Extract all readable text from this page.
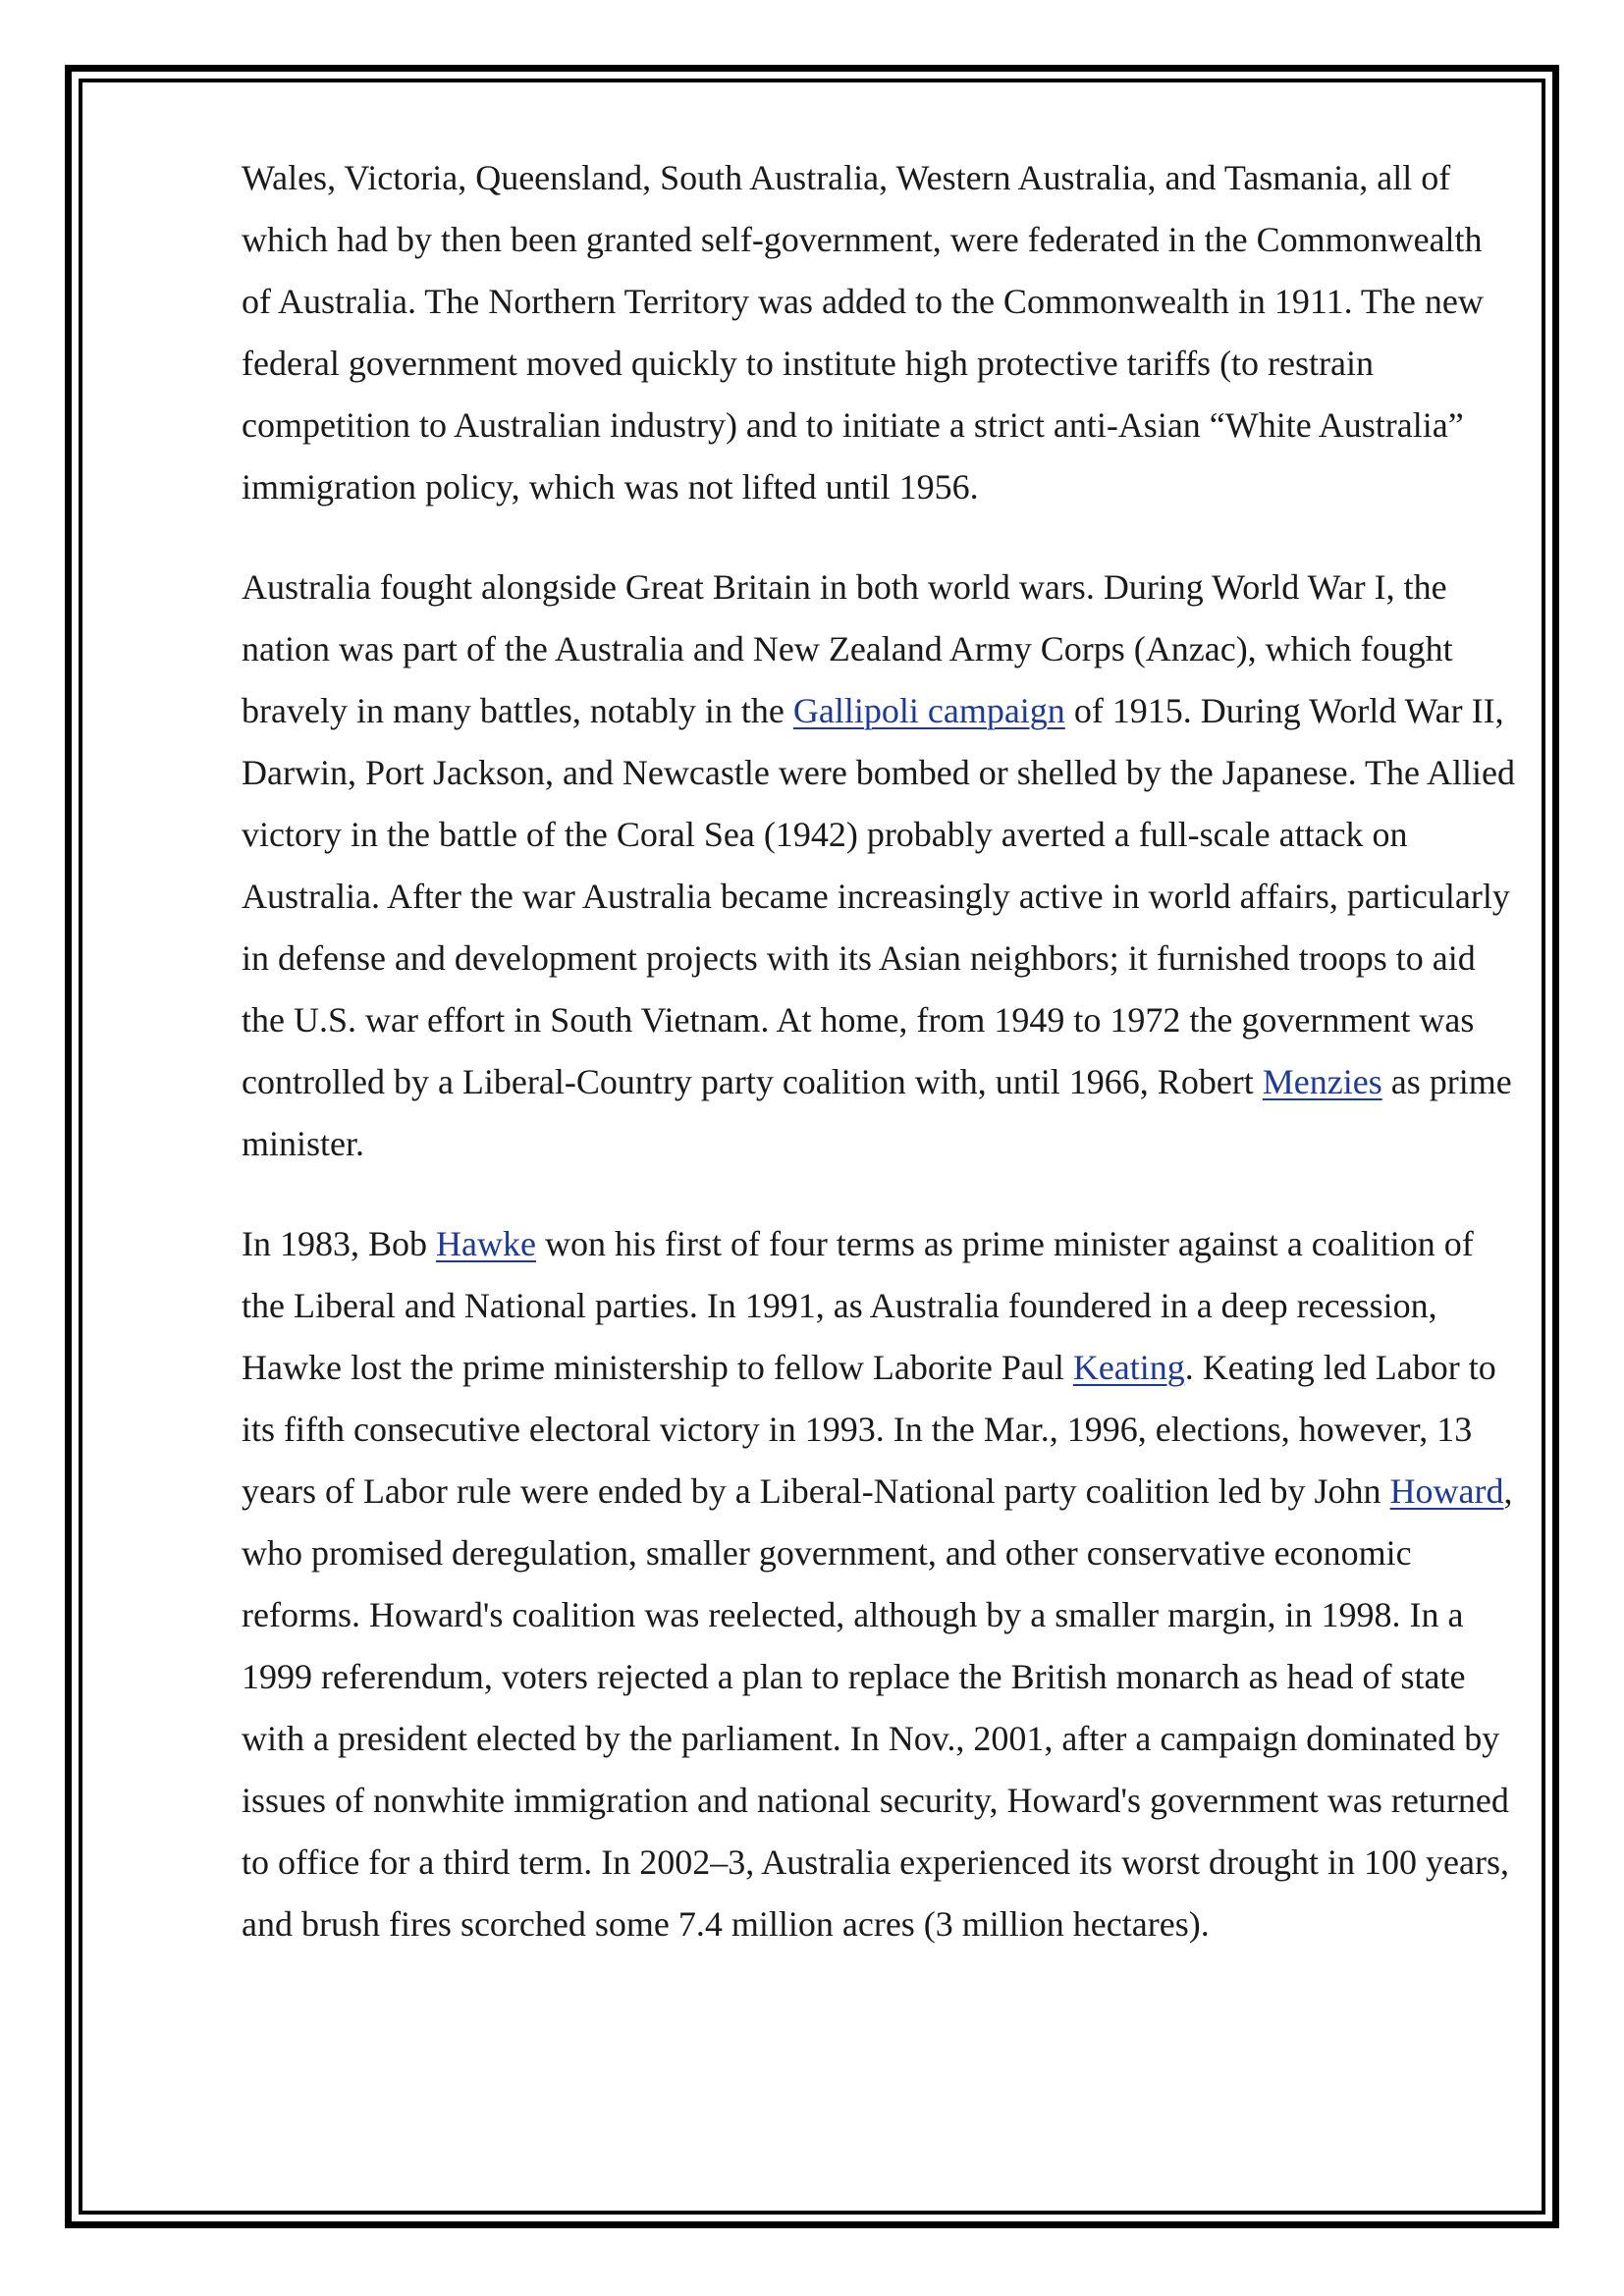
Wales, Victoria, Queensland, South Australia, Western Australia, and Tasmania, all of which had by then been granted self-government, were federated in the Commonwealth of Australia. The Northern Territory was added to the Commonwealth in 1911. The new federal government moved quickly to institute high protective tariffs (to restrain competition to Australian industry) and to initiate a strict anti-Asian “White Australia” immigration policy, which was not lifted until 1956.

Australia fought alongside Great Britain in both world wars. During World War I, the nation was part of the Australia and New Zealand Army Corps (Anzac), which fought bravely in many battles, notably in the Gallipoli campaign of 1915. During World War II, Darwin, Port Jackson, and Newcastle were bombed or shelled by the Japanese. The Allied victory in the battle of the Coral Sea (1942) probably averted a full-scale attack on Australia. After the war Australia became increasingly active in world affairs, particularly in defense and development projects with its Asian neighbors; it furnished troops to aid the U.S. war effort in South Vietnam. At home, from 1949 to 1972 the government was controlled by a Liberal-Country party coalition with, until 1966, Robert Menzies as prime minister.

In 1983, Bob Hawke won his first of four terms as prime minister against a coalition of the Liberal and National parties. In 1991, as Australia foundered in a deep recession, Hawke lost the prime ministership to fellow Laborite Paul Keating. Keating led Labor to its fifth consecutive electoral victory in 1993. In the Mar., 1996, elections, however, 13 years of Labor rule were ended by a Liberal-National party coalition led by John Howard, who promised deregulation, smaller government, and other conservative economic reforms. Howard's coalition was reelected, although by a smaller margin, in 1998. In a 1999 referendum, voters rejected a plan to replace the British monarch as head of state with a president elected by the parliament. In Nov., 2001, after a campaign dominated by issues of nonwhite immigration and national security, Howard's government was returned to office for a third term. In 2002–3, Australia experienced its worst drought in 100 years, and brush fires scorched some 7.4 million acres (3 million hectares).
